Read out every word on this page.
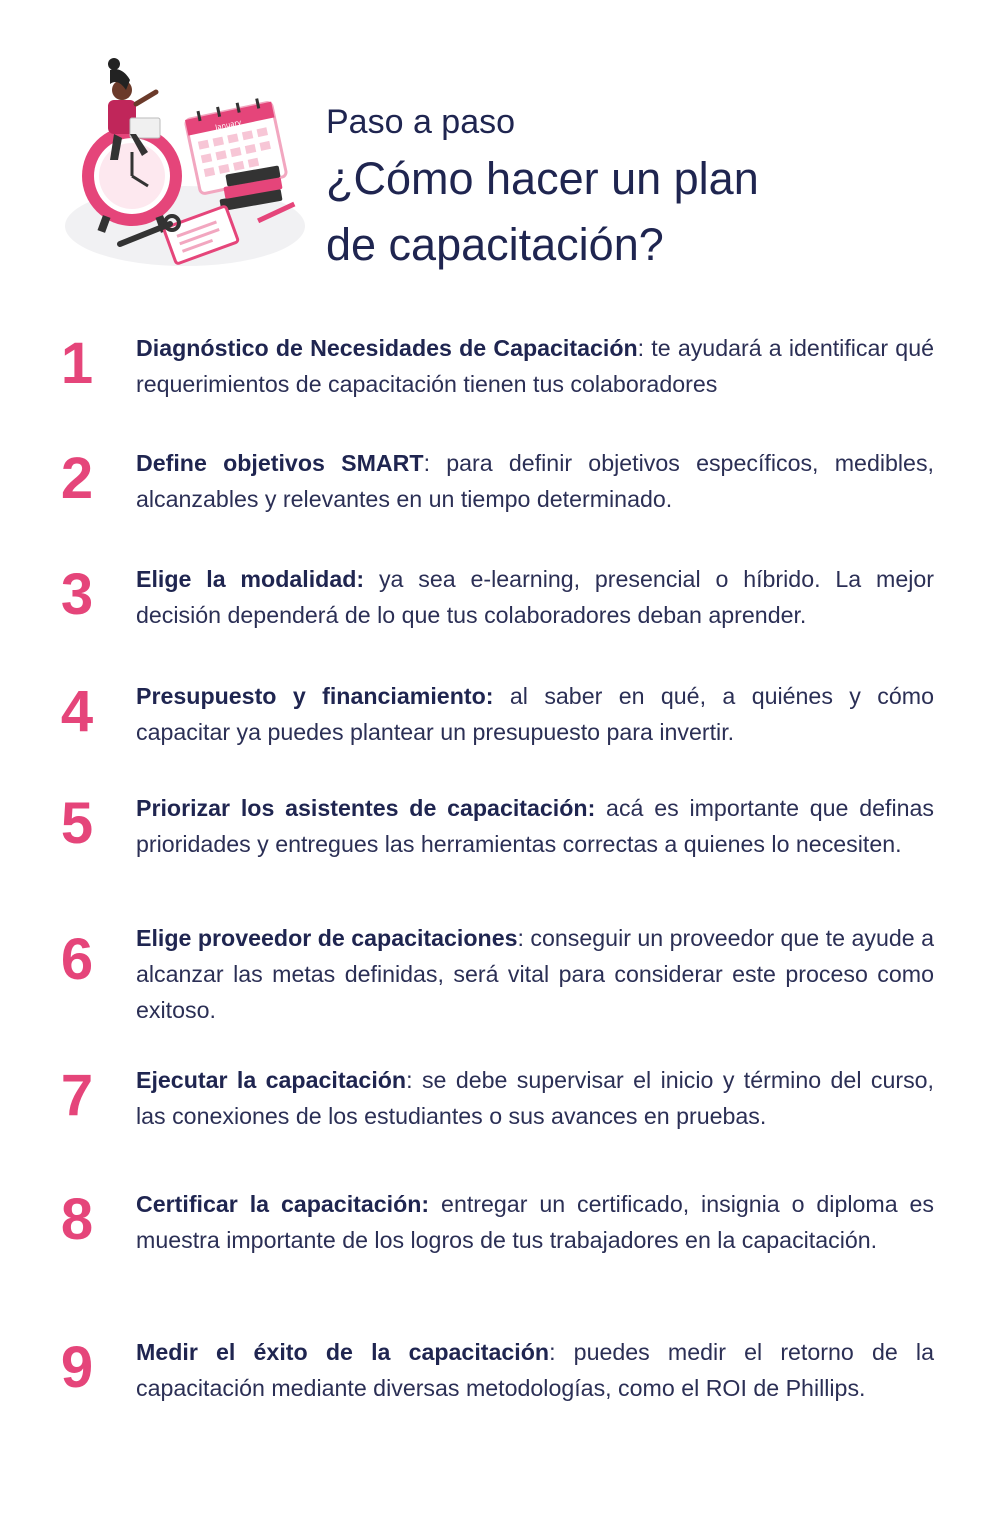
January Paso a paso

¿Cómo hacer un plan
de capacitación?
1	Diagnóstico de Necesidades de Capacitación: te ayudará a identificar qué requerimientos de capacitación tienen tus colaboradores
2	Define objetivos SMART: para definir objetivos específicos, medibles, alcanzables y relevantes en un tiempo determinado.
3	Elige la modalidad: ya sea e-learning, presencial o híbrido. La mejor decisión dependerá de lo que tus colaboradores deban aprender.
4	Presupuesto y financiamiento: al saber en qué, a quiénes y cómo capacitar ya puedes plantear un presupuesto para invertir.
5	Priorizar los asistentes de capacitación: acá es importante que definas prioridades y entregues las herramientas correctas a quienes lo necesiten.
6	Elige proveedor de capacitaciones: conseguir un proveedor que te ayude a alcanzar las metas definidas, será vital para considerar este proceso como exitoso.
7	Ejecutar la capacitación: se debe supervisar el inicio y término del curso, las conexiones de los estudiantes o sus avances en pruebas.
8	Certificar la capacitación: entregar un certificado, insignia o diploma es muestra importante de los logros de tus trabajadores en la capacitación.
9	Medir el éxito de la capacitación: puedes medir el retorno de la capacitación mediante diversas metodologías, como el ROI de Phillips.
